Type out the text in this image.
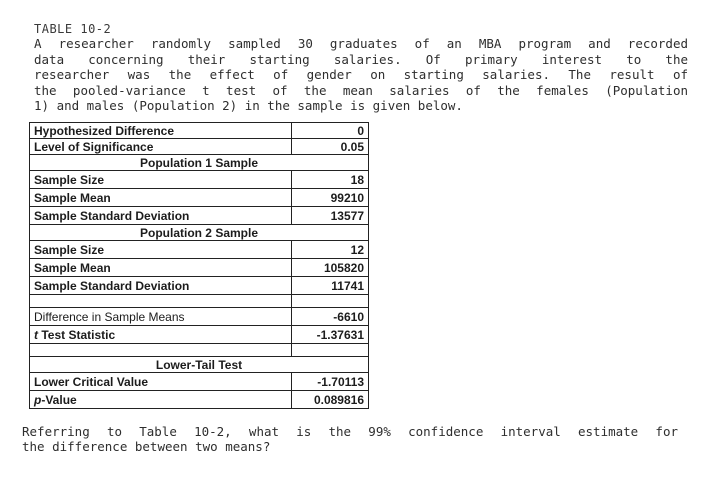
TABLE 10-2
A researcher randomly sampled 30 graduates of an MBA program and recorded
data concerning their starting salaries. Of primary interest to the
researcher was the effect of gender on starting salaries. The result of
the pooled-variance t test of the mean salaries of the females (Population
1) and males (Population 2) in the sample is given below.
Hypothesized Difference	0
Level of Significance	0.05
Population 1 Sample	
Sample Size	18
Sample Mean	99210
Sample Standard Deviation	13577
Population 2 Sample	
Sample Size	12
Sample Mean	105820
Sample Standard Deviation	11741

Difference in Sample Means	-6610
t Test Statistic	-1.37631

Lower-Tail Test	
Lower Critical Value	-1.70113
p-Value	0.089816
Referring to Table 10-2, what is the 99% confidence interval estimate for
the difference between two means?
